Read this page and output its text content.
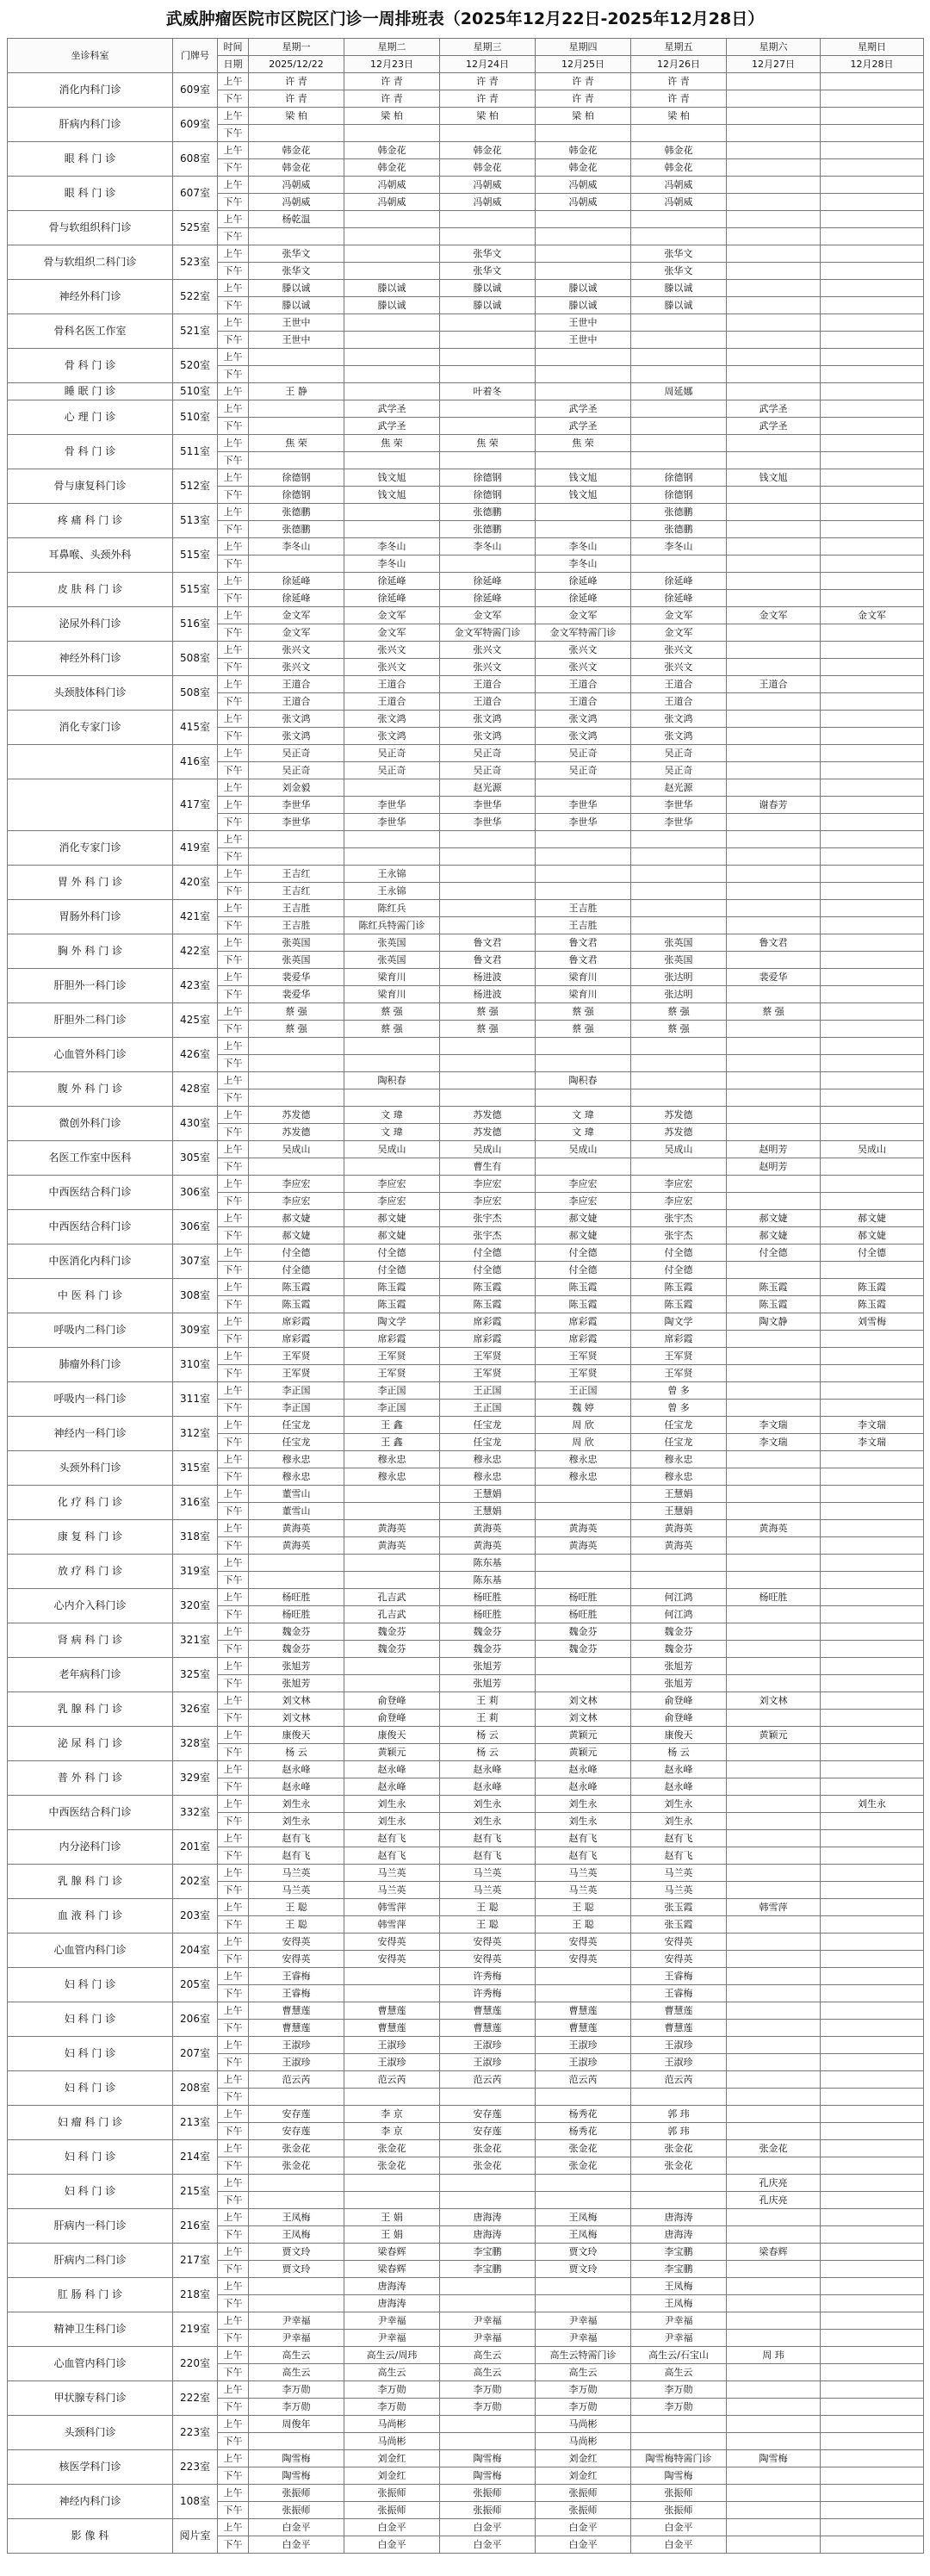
武威肿瘤医院市区院区门诊一周排班表（2025年12月22日-2025年12月28日）
坐诊科室	门牌号	时间	星期一	星期二	星期三	星期四	星期五	星期六	星期日
		日期	2025/12/22	12月23日	12月24日	12月25日	12月26日	12月27日	12月28日
消化内科门诊	609室	上午	许 青	许 青	许 青	许 青	许 青		
		下午	许 青	许 青	许 青	许 青	许 青		
肝病内科门诊	609室	上午	梁 柏	梁 柏	梁 柏	梁 柏	梁 柏		
		下午							
眼 科 门 诊	608室	上午	韩金花	韩金花	韩金花	韩金花	韩金花		
		下午	韩金花	韩金花	韩金花	韩金花	韩金花		
眼 科 门 诊	607室	上午	冯朝威	冯朝威	冯朝威	冯朝威	冯朝威		
		下午	冯朝威	冯朝威	冯朝威	冯朝威	冯朝威		
骨与软组织科门诊	525室	上午	杨乾温						
		下午							
骨与软组织二科门诊	523室	上午	张华文		张华文		张华文		
		下午	张华文		张华文		张华文		
神经外科门诊	522室	上午	滕以诚	滕以诚	滕以诚	滕以诚	滕以诚		
		下午	滕以诚	滕以诚	滕以诚	滕以诚	滕以诚		
骨科名医工作室	521室	上午	王世中			王世中			
		下午	王世中			王世中			
骨 科 门 诊	520室	上午							
		下午							
睡 眠 门 诊	510室	上午	王 静		叶着冬		周延娜		
心 理 门 诊	510室	上午		武学圣		武学圣		武学圣	
		下午		武学圣		武学圣		武学圣	
骨 科 门 诊	511室	上午	焦 荣	焦 荣	焦 荣	焦 荣			
		下午							
骨与康复科门诊	512室	上午	徐德钢	钱文旭	徐德钢	钱文旭	徐德钢	钱文旭	
		下午	徐德钢	钱文旭	徐德钢	钱文旭	徐德钢		
疼 痛 科 门 诊	513室	上午	张德鹏		张德鹏		张德鹏		
		下午	张德鹏		张德鹏		张德鹏		
耳鼻喉、头颈外科	515室	上午	李冬山	李冬山	李冬山	李冬山	李冬山		
		下午		李冬山		李冬山			
皮 肤 科 门 诊	515室	上午	徐延峰	徐延峰	徐延峰	徐延峰	徐延峰		
		下午	徐延峰	徐延峰	徐延峰	徐延峰	徐延峰		
泌尿外科门诊	516室	上午	金文军	金文军	金文军	金文军	金文军	金文军	金文军
		下午	金文军	金文军	金文军特需门诊	金文军特需门诊	金文军		
神经外科门诊	508室	上午	张兴文	张兴文	张兴文	张兴文	张兴文		
		下午	张兴文	张兴文	张兴文	张兴文	张兴文		
头颈肢体科门诊	508室	上午	王道合	王道合	王道合	王道合	王道合	王道合	
		下午	王道合	王道合	王道合	王道合	王道合		
消化专家门诊	415室	上午	张文鸿	张文鸿	张文鸿	张文鸿	张文鸿		
		下午	张文鸿	张文鸿	张文鸿	张文鸿	张文鸿		
	416室	上午	吴正奇	吴正奇	吴正奇	吴正奇	吴正奇		
		下午	吴正奇	吴正奇	吴正奇	吴正奇	吴正奇		
	417室	上午	刘金毅		赵光源		赵光源		
		上午	李世华	李世华	李世华	李世华	李世华	谢春芳	
		下午	李世华	李世华	李世华	李世华	李世华		
消化专家门诊	419室	上午							
		下午							
胃 外 科 门 诊	420室	上午	王吉红	王永锦					
		下午	王吉红	王永锦					
胃肠外科门诊	421室	上午	王吉胜	陈红兵		王吉胜			
		下午	王吉胜	陈红兵特需门诊		王吉胜			
胸 外 科 门 诊	422室	上午	张英国	张英国	鲁文君	鲁文君	张英国	鲁文君	
		下午	张英国	张英国	鲁文君	鲁文君	张英国		
肝胆外一科门诊	423室	上午	裴爱华	梁育川	杨进波	梁育川	张达明	裴爱华	
		下午	裴爱华	梁育川	杨进波	梁育川	张达明		
肝胆外二科门诊	425室	上午	蔡 强	蔡 强	蔡 强	蔡 强	蔡 强	蔡 强	
		下午	蔡 强	蔡 强	蔡 强	蔡 强	蔡 强		
心血管外科门诊	426室	上午							
		下午							
腹 外 科 门 诊	428室	上午		陶积春		陶积春			
		下午							
微创外科门诊	430室	上午	苏发德	文 瑋	苏发德	文 瑋	苏发德		
		下午	苏发德	文 瑋	苏发德	文 瑋	苏发德		
名医工作室中医科	305室	上午	吴成山	吴成山	吴成山	吴成山	吴成山	赵明芳	吴成山
		下午			曹生有			赵明芳	
中西医结合科门诊	306室	上午	李应宏	李应宏	李应宏	李应宏	李应宏		
		下午	李应宏	李应宏	李应宏	李应宏	李应宏		
中西医结合科门诊	306室	上午	郝文婕	郝文婕	张宇杰	郝文婕	张宇杰	郝文婕	郝文婕
		下午	郝文婕	郝文婕	张宇杰	郝文婕	张宇杰	郝文婕	郝文婕
中医消化内科门诊	307室	上午	付全德	付全德	付全德	付全德	付全德	付全德	付全德
		下午	付全德	付全德	付全德	付全德	付全德		
中 医 科 门 诊	308室	上午	陈玉霞	陈玉霞	陈玉霞	陈玉霞	陈玉霞	陈玉霞	陈玉霞
		下午	陈玉霞	陈玉霞	陈玉霞	陈玉霞	陈玉霞	陈玉霞	陈玉霞
呼吸内二科门诊	309室	上午	席彩霞	陶文学	席彩霞	席彩霞	陶文学	陶文静	刘雪梅
		下午	席彩霞	席彩霞	席彩霞	席彩霞	席彩霞		
肺瘤外科门诊	310室	上午	王军贤	王军贤	王军贤	王军贤	王军贤		
		下午	王军贤	王军贤	王军贤	王军贤	王军贤		
呼吸内一科门诊	311室	上午	李正国	李正国	王正国	王正国	曾 多		
		下午	李正国	李正国	王正国	魏 婷	曾 多		
神经内一科门诊	312室	上午	任宝龙	王 鑫	任宝龙	周 欣	任宝龙	李文瑞	李文瑞
		下午	任宝龙	王 鑫	任宝龙	周 欣	任宝龙	李文瑞	李文瑞
头颈外科门诊	315室	上午	穆永忠	穆永忠	穆永忠	穆永忠	穆永忠		
		下午	穆永忠	穆永忠	穆永忠	穆永忠	穆永忠		
化 疗 科 门 诊	316室	上午	董雪山		王慧娟		王慧娟		
		下午	董雪山		王慧娟		王慧娟		
康 复 科 门 诊	318室	上午	黄海英	黄海英	黄海英	黄海英	黄海英	黄海英	
		下午	黄海英	黄海英	黄海英	黄海英	黄海英		
放 疗 科 门 诊	319室	上午			陈东基				
		下午			陈东基				
心内介入科门诊	320室	上午	杨旺胜	孔吉武	杨旺胜	杨旺胜	何江鸿	杨旺胜	
		下午	杨旺胜	孔吉武	杨旺胜	杨旺胜	何江鸿		
肾 病 科 门 诊	321室	上午	魏金芬	魏金芬	魏金芬	魏金芬	魏金芬		
		下午	魏金芬	魏金芬	魏金芬	魏金芬	魏金芬		
老年病科门诊	325室	上午	张旭芳		张旭芳		张旭芳		
		下午	张旭芳		张旭芳		张旭芳		
乳 腺 科 门 诊	326室	上午	刘文林	俞登峰	王 莉	刘文林	俞登峰	刘文林	
		下午	刘文林	俞登峰	王 莉	刘文林	俞登峰		
泌 尿 科 门 诊	328室	上午	康俊天	康俊天	杨 云	黄颖元	康俊天	黄颖元	
		下午	杨 云	黄颖元	杨 云	黄颖元	杨 云		
普 外 科 门 诊	329室	上午	赵永峰	赵永峰	赵永峰	赵永峰	赵永峰		
		下午	赵永峰	赵永峰	赵永峰	赵永峰	赵永峰		
中西医结合科门诊	332室	上午	刘生永	刘生永	刘生永	刘生永	刘生永		刘生永
		下午	刘生永	刘生永	刘生永	刘生永	刘生永		
内分泌科门诊	201室	上午	赵有飞	赵有飞	赵有飞	赵有飞	赵有飞		
		下午	赵有飞	赵有飞	赵有飞	赵有飞	赵有飞		
乳 腺 科 门 诊	202室	上午	马兰英	马兰英	马兰英	马兰英	马兰英		
		下午	马兰英	马兰英	马兰英	马兰英	马兰英		
血 液 科 门 诊	203室	上午	王 聪	韩雪萍	王 聪	王 聪	张玉霞	韩雪萍	
		下午	王 聪	韩雪萍	王 聪	王 聪	张玉霞		
心血管内科门诊	204室	上午	安得英	安得英	安得英	安得英	安得英		
		下午	安得英	安得英	安得英	安得英	安得英		
妇 科 门 诊	205室	上午	王睿梅		许秀梅		王睿梅		
		下午	王睿梅		许秀梅		王睿梅		
妇 科 门 诊	206室	上午	曹慧莲	曹慧莲	曹慧莲	曹慧莲	曹慧莲		
		下午	曹慧莲	曹慧莲	曹慧莲	曹慧莲	曹慧莲		
妇 科 门 诊	207室	上午	王淑珍	王淑珍	王淑珍	王淑珍	王淑珍		
		下午	王淑珍	王淑珍	王淑珍	王淑珍	王淑珍		
妇 科 门 诊	208室	上午	范云芮	范云芮	范云芮	范云芮	范云芮		
		下午							
妇 瘤 科 门 诊	213室	上午	安存莲	李 京	安存莲	杨秀花	郭 玮		
		下午	安存莲	李 京	安存莲	杨秀花	郭 玮		
妇 科 门 诊	214室	上午	张金花	张金花	张金花	张金花	张金花	张金花	
		下午	张金花	张金花	张金花	张金花	张金花		
妇 科 门 诊	215室	上午						孔庆亮	
		下午						孔庆亮	
肝病内一科门诊	216室	上午	王凤梅	王 娟	唐海涛	王凤梅	唐海涛		
		下午	王凤梅	王 娟	唐海涛	王凤梅	唐海涛		
肝病内二科门诊	217室	上午	贾文玲	梁春辉	李宝鹏	贾文玲	李宝鹏	梁春辉	
		下午	贾文玲	梁春辉	李宝鹏	贾文玲	李宝鹏		
肛 肠 科 门 诊	218室	上午		唐海涛			王凤梅		
		下午		唐海涛			王凤梅		
精神卫生科门诊	219室	上午	尹幸福	尹幸福	尹幸福	尹幸福	尹幸福		
		下午	尹幸福	尹幸福	尹幸福	尹幸福	尹幸福		
心血管内科门诊	220室	上午	高生云	高生云/周玮	高生云	高生云特需门诊	高生云/石宝山	周 玮	
		下午	高生云	高生云	高生云	高生云	高生云		
甲状腺专科门诊	222室	上午	李万勋	李万勋	李万勋	李万勋	李万勋		
		下午	李万勋	李万勋	李万勋	李万勋	李万勋		
头颈科门诊	223室	上午	周俊年	马尚彬		马尚彬			
		下午		马尚彬		马尚彬			
核医学科门诊	223室	上午	陶雪梅	刘金红	陶雪梅	刘金红	陶雪梅特需门诊	陶雪梅	
		下午	陶雪梅	刘金红	陶雪梅	刘金红	陶雪梅		
神经内科门诊	108室	上午	张振师	张振师	张振师	张振师	张振师		
		下午	张振师	张振师	张振师	张振师	张振师		
影 像 科	阅片室	上午	白金平	白金平	白金平	白金平	白金平		
		下午	白金平	白金平	白金平	白金平	白金平		
